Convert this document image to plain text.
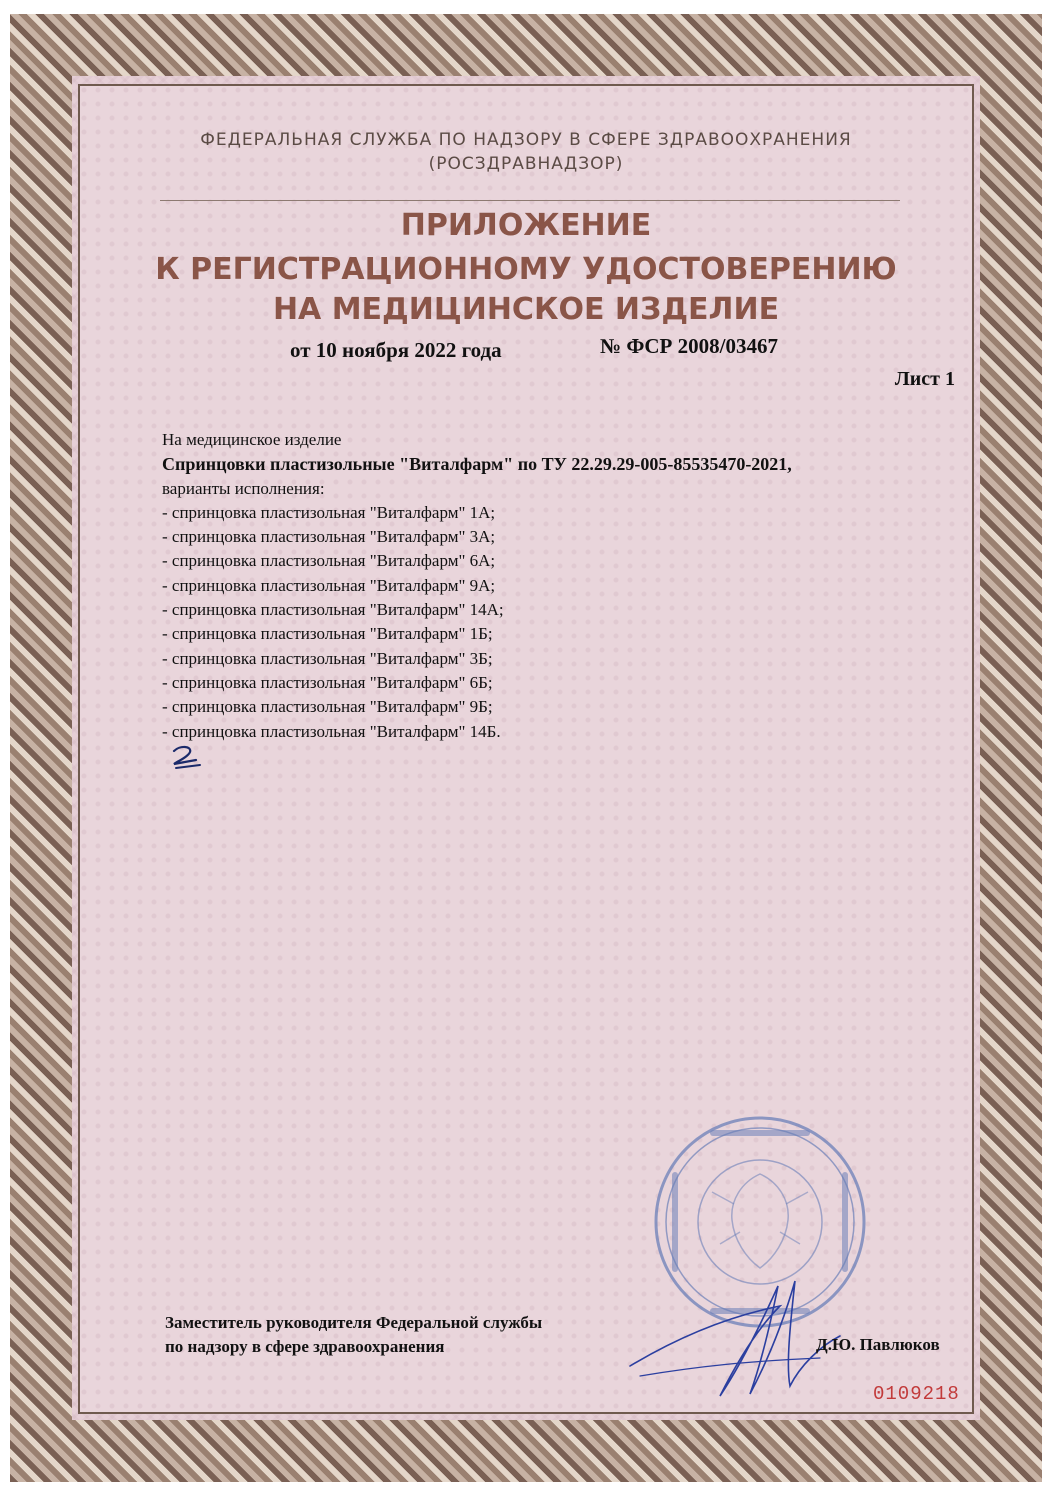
ФЕДЕРАЛЬНАЯ СЛУЖБА ПО НАДЗОРУ В СФЕРЕ ЗДРАВООХРАНЕНИЯ

(РОСЗДРАВНАДЗОР)

ПРИЛОЖЕНИЕ
К РЕГИСТРАЦИОННОМУ УДОСТОВЕРЕНИЮ
НА МЕДИЦИНСКОЕ ИЗДЕЛИЕ
от 10 ноября 2022 года	№ ФСР 2008/03467
Лист 1

На медицинское изделие

Спринцовки пластизольные "Виталфарм" по ТУ 22.29.29-005-85535470-2021,

варианты исполнения:

- спринцовка пластизольная "Виталфарм" 1А;

- спринцовка пластизольная "Виталфарм" 3А;

- спринцовка пластизольная "Виталфарм" 6А;

- спринцовка пластизольная "Виталфарм" 9А;

- спринцовка пластизольная "Виталфарм" 14А;

- спринцовка пластизольная "Виталфарм" 1Б;

- спринцовка пластизольная "Виталфарм" 3Б;

- спринцовка пластизольная "Виталфарм" 6Б;

- спринцовка пластизольная "Виталфарм" 9Б;

- спринцовка пластизольная "Виталфарм" 14Б.

Заместитель руководителя Федеральной службы

по надзору в сфере здравоохранения	Д.Ю. Павлюков
0109218
